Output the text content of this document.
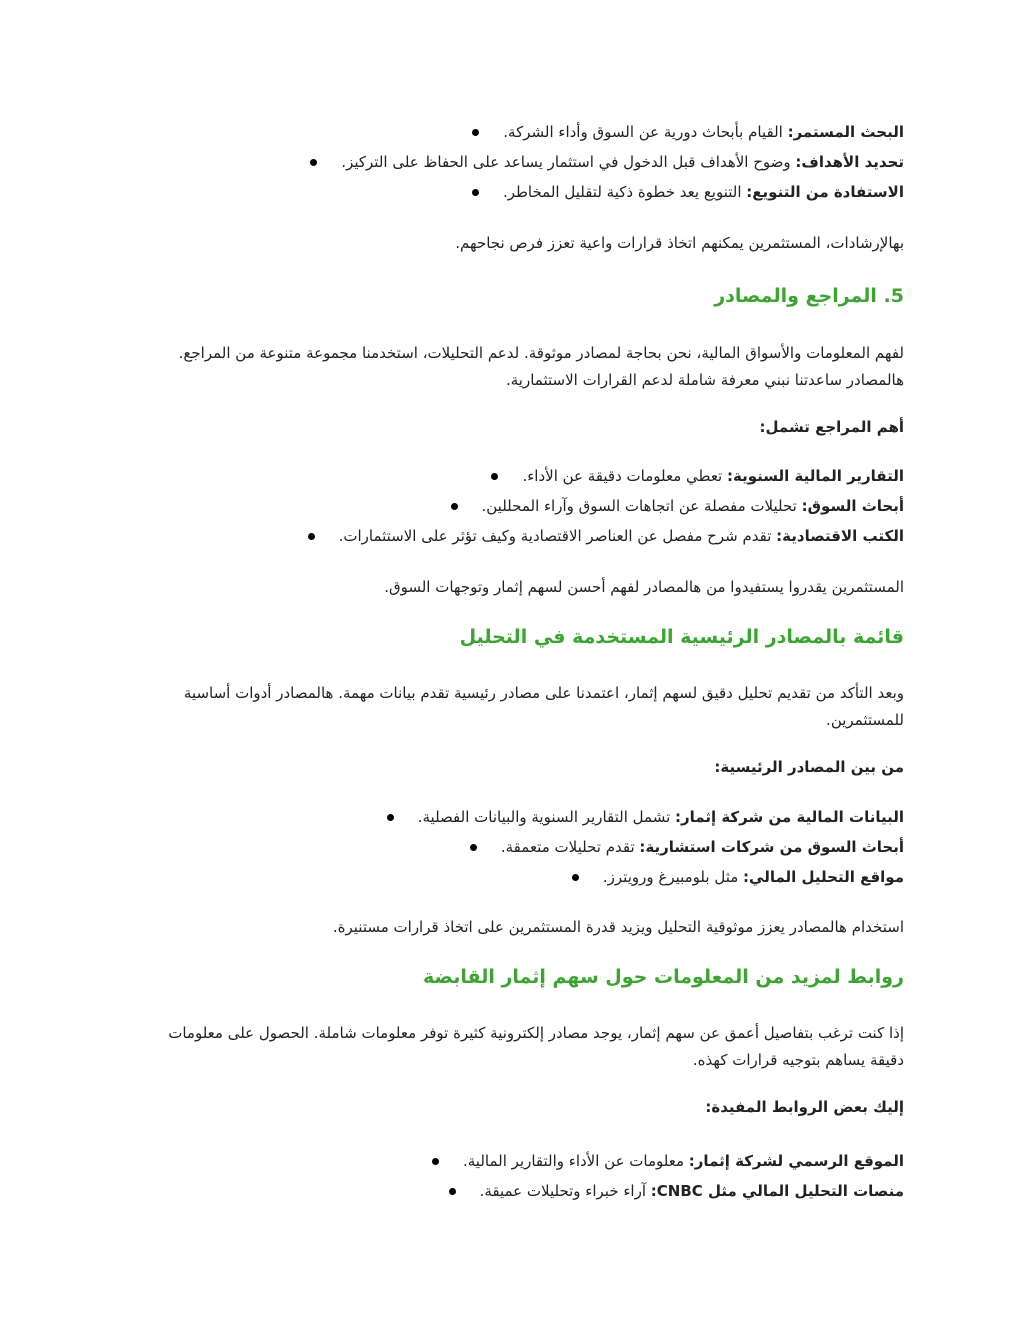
البحث المستمر: القيام بأبحاث دورية عن السوق وأداء الشركة.
تحديد الأهداف: وضوح الأهداف قبل الدخول في استثمار يساعد على الحفاظ على التركيز.
الاستفادة من التنويع: التنويع يعد خطوة ذكية لتقليل المخاطر.
بهالإرشادات، المستثمرين يمكنهم اتخاذ قرارات واعية تعزز فرص نجاحهم.
5. المراجع والمصادر
لفهم المعلومات والأسواق المالية، نحن بحاجة لمصادر موثوقة. لدعم التحليلات، استخدمنا مجموعة متنوعة من المراجع.
هالمصادر ساعدتنا نبني معرفة شاملة لدعم القرارات الاستثمارية.
أهم المراجع تشمل:
التقارير المالية السنوية: تعطي معلومات دقيقة عن الأداء.
أبحاث السوق: تحليلات مفصلة عن اتجاهات السوق وآراء المحللين.
الكتب الاقتصادية: تقدم شرح مفصل عن العناصر الاقتصادية وكيف تؤثر على الاستثمارات.
المستثمرين يقدروا يستفيدوا من هالمصادر لفهم أحسن لسهم إثمار وتوجهات السوق.
قائمة بالمصادر الرئيسية المستخدمة في التحليل
وبعد التأكد من تقديم تحليل دقيق لسهم إثمار، اعتمدنا على مصادر رئيسية تقدم بيانات مهمة. هالمصادر أدوات أساسية
للمستثمرين.
من بين المصادر الرئيسية:
البيانات المالية من شركة إثمار: تشمل التقارير السنوية والبيانات الفصلية.
أبحاث السوق من شركات استشارية: تقدم تحليلات متعمقة.
مواقع التحليل المالي: مثل بلومبيرغ ورويترز.
استخدام هالمصادر يعزز موثوقية التحليل ويزيد قدرة المستثمرين على اتخاذ قرارات مستنيرة.
روابط لمزيد من المعلومات حول سهم إثمار القابضة
إذا كنت ترغب بتفاصيل أعمق عن سهم إثمار، يوجد مصادر إلكترونية كثيرة توفر معلومات شاملة. الحصول على معلومات
دقيقة يساهم بتوجيه قرارات كهذه.
إليك بعض الروابط المفيدة:
الموقع الرسمي لشركة إثمار: معلومات عن الأداء والتقارير المالية.
منصات التحليل المالي مثل CNBC: آراء خبراء وتحليلات عميقة.
